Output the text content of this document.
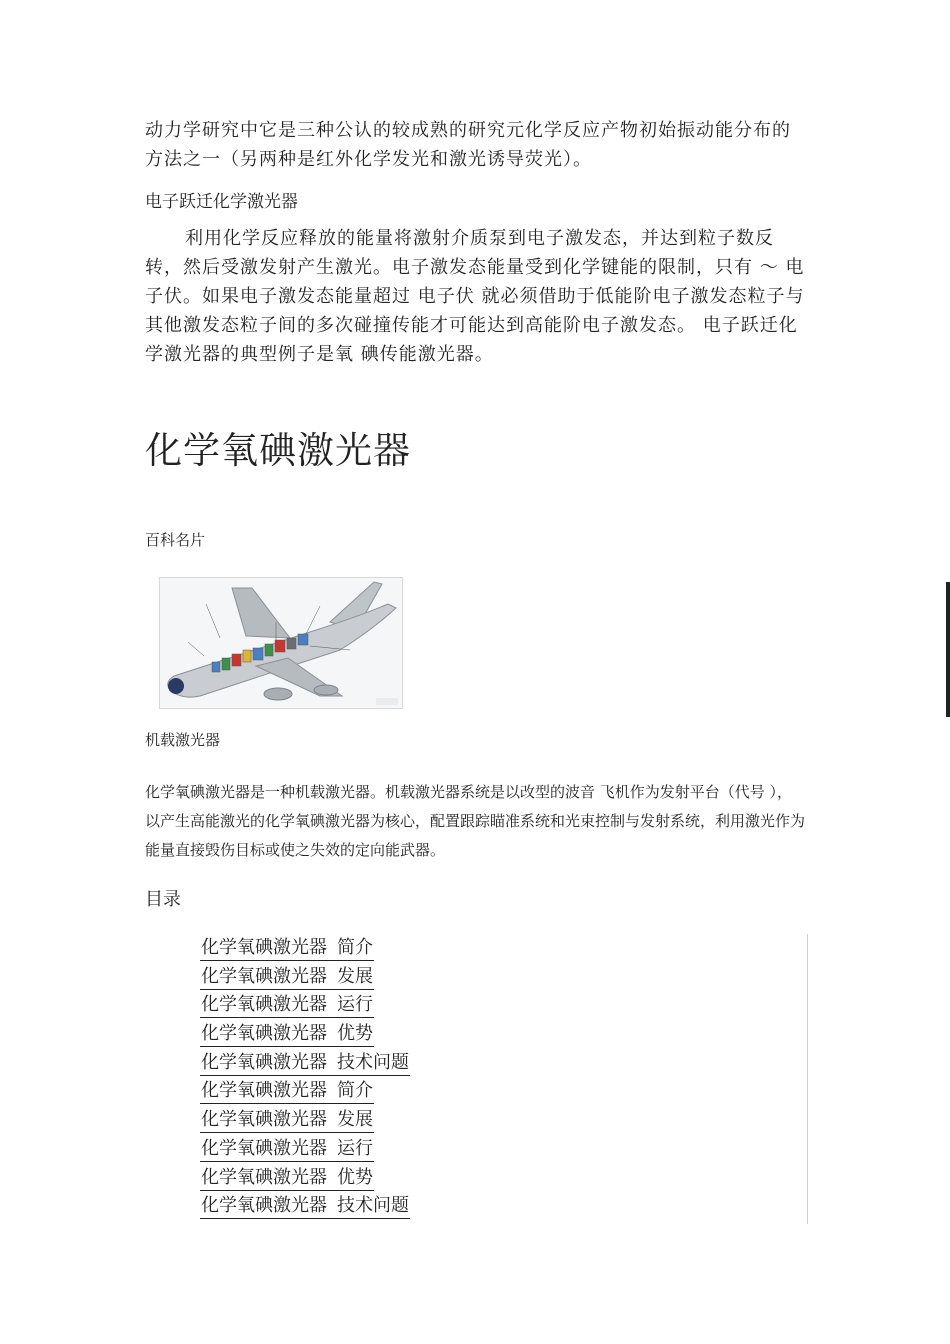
动力学研究中它是三种公认的较成熟的研究元化学反应产物初始振动能分布的方法之一（另两种是红外化学发光和激光诱导荧光）。

电子跃迁化学激光器

利用化学反应释放的能量将激射介质泵到电子激发态，并达到粒子数反转，然后受激发射产生激光。电子激发态能量受到化学键能的限制，只有 ～ 电子伏。如果电子激发态能量超过 电子伏 就必须借助于低能阶电子激发态粒子与其他激发态粒子间的多次碰撞传能才可能达到高能阶电子激发态。 电子跃迁化学激光器的典型例子是氧 碘传能激光器。

化学氧碘激光器

百科名片

机载激光器

化学氧碘激光器是一种机载激光器。机载激光器系统是以改型的波音 飞机作为发射平台（代号 ），以产生高能激光的化学氧碘激光器为核心，配置跟踪瞄准系统和光束控制与发射系统，利用激光作为能量直接毁伤目标或使之失效的定向能武器。

目录

化学氧碘激光器 简介
化学氧碘激光器 发展
化学氧碘激光器 运行
化学氧碘激光器 优势
化学氧碘激光器 技术问题
化学氧碘激光器 简介
化学氧碘激光器 发展
化学氧碘激光器 运行
化学氧碘激光器 优势
化学氧碘激光器 技术问题
